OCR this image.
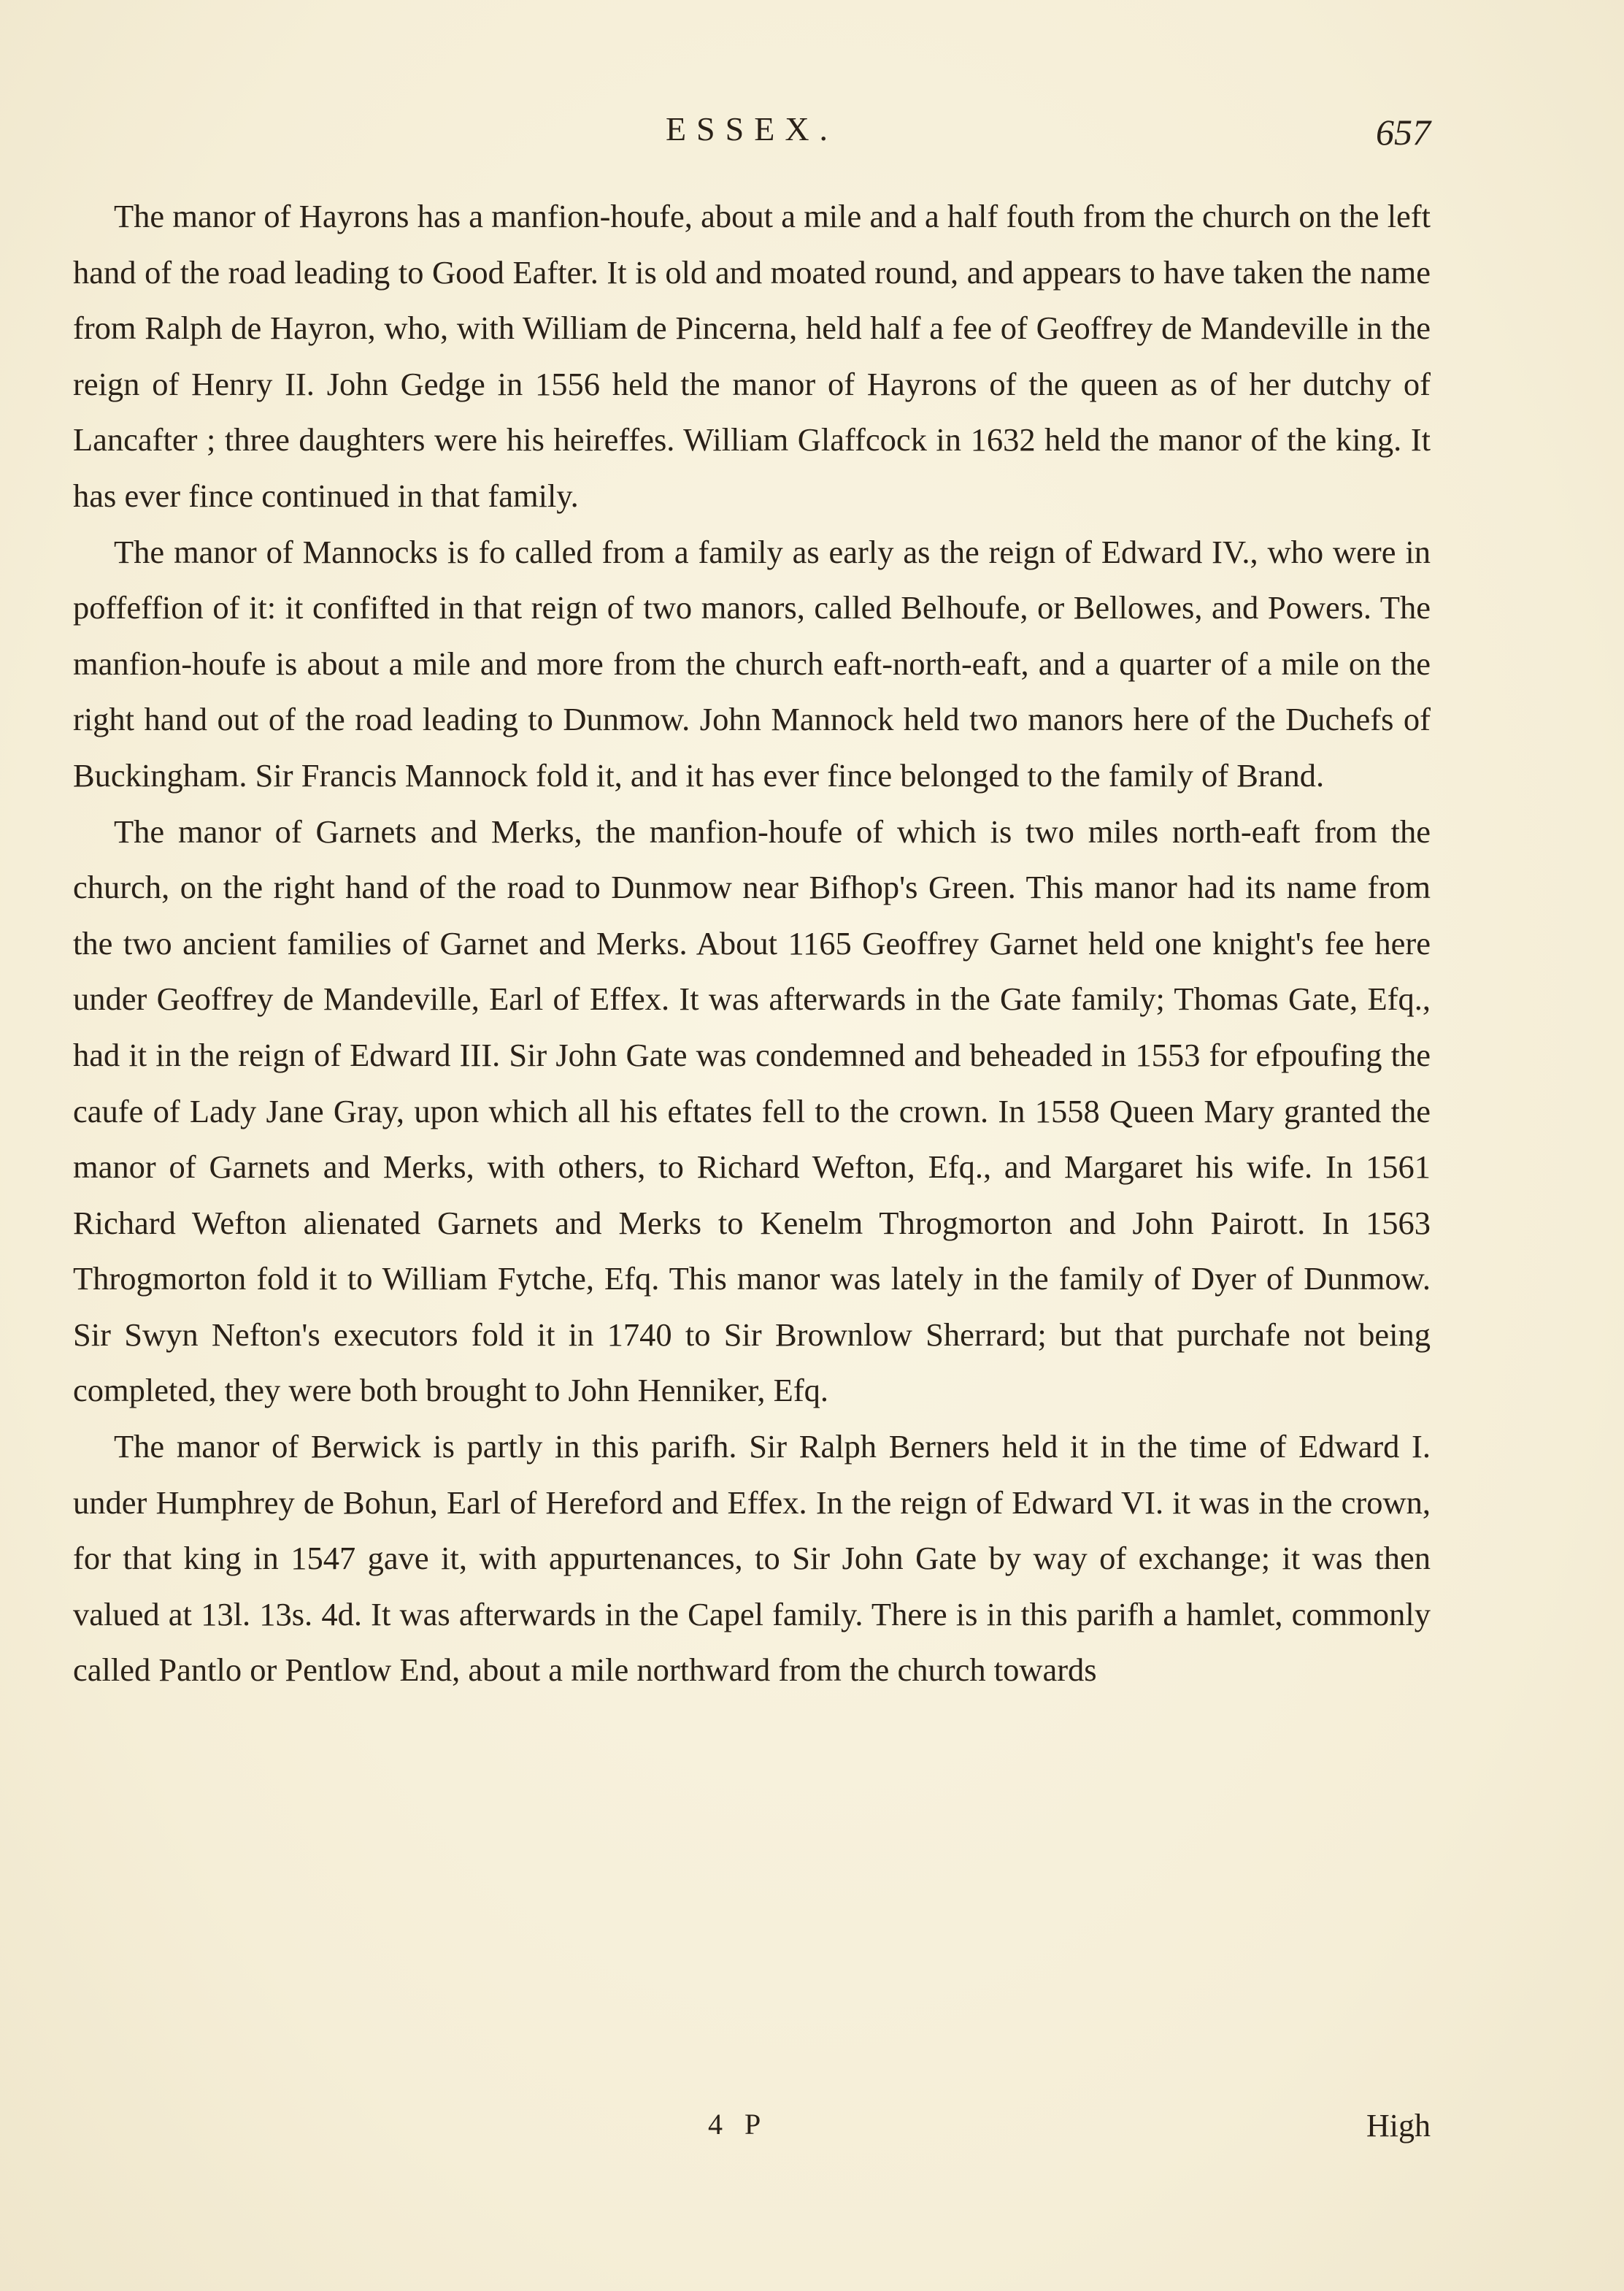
ESSEX.	657

The manor of Hayrons has a manfion-houfe, about a mile and a half fouth from the church on the left hand of the road leading to Good Eafter. It is old and moated round, and appears to have taken the name from Ralph de Hayron, who, with William de Pincerna, held half a fee of Geoffrey de Mandeville in the reign of Henry II. John Gedge in 1556 held the manor of Hayrons of the queen as of her dutchy of Lancafter ; three daughters were his heireffes. William Glaffcock in 1632 held the manor of the king. It has ever fince continued in that family.

The manor of Mannocks is fo called from a family as early as the reign of Edward IV., who were in poffeffion of it: it confifted in that reign of two manors, called Belhoufe, or Bellowes, and Powers. The manfion-houfe is about a mile and more from the church eaft-north-eaft, and a quarter of a mile on the right hand out of the road leading to Dunmow. John Mannock held two manors here of the Duchefs of Buckingham. Sir Francis Mannock fold it, and it has ever fince belonged to the family of Brand.

The manor of Garnets and Merks, the manfion-houfe of which is two miles north-eaft from the church, on the right hand of the road to Dunmow near Bifhop's Green. This manor had its name from the two ancient families of Garnet and Merks. About 1165 Geoffrey Garnet held one knight's fee here under Geoffrey de Mandeville, Earl of Effex. It was afterwards in the Gate family; Thomas Gate, Efq., had it in the reign of Edward III. Sir John Gate was condemned and beheaded in 1553 for efpoufing the caufe of Lady Jane Gray, upon which all his eftates fell to the crown. In 1558 Queen Mary granted the manor of Garnets and Merks, with others, to Richard Wefton, Efq., and Margaret his wife. In 1561 Richard Wefton alienated Garnets and Merks to Kenelm Throgmorton and John Pairott. In 1563 Throgmorton fold it to William Fytche, Efq. This manor was lately in the family of Dyer of Dunmow. Sir Swyn Nefton's executors fold it in 1740 to Sir Brownlow Sherrard; but that purchafe not being completed, they were both brought to John Henniker, Efq.

The manor of Berwick is partly in this parifh. Sir Ralph Berners held it in the time of Edward I. under Humphrey de Bohun, Earl of Hereford and Effex. In the reign of Edward VI. it was in the crown, for that king in 1547 gave it, with appurtenances, to Sir John Gate by way of exchange; it was then valued at 13l. 13s. 4d. It was afterwards in the Capel family. There is in this parifh a hamlet, commonly called Pantlo or Pentlow End, about a mile northward from the church towards

4 P	High
